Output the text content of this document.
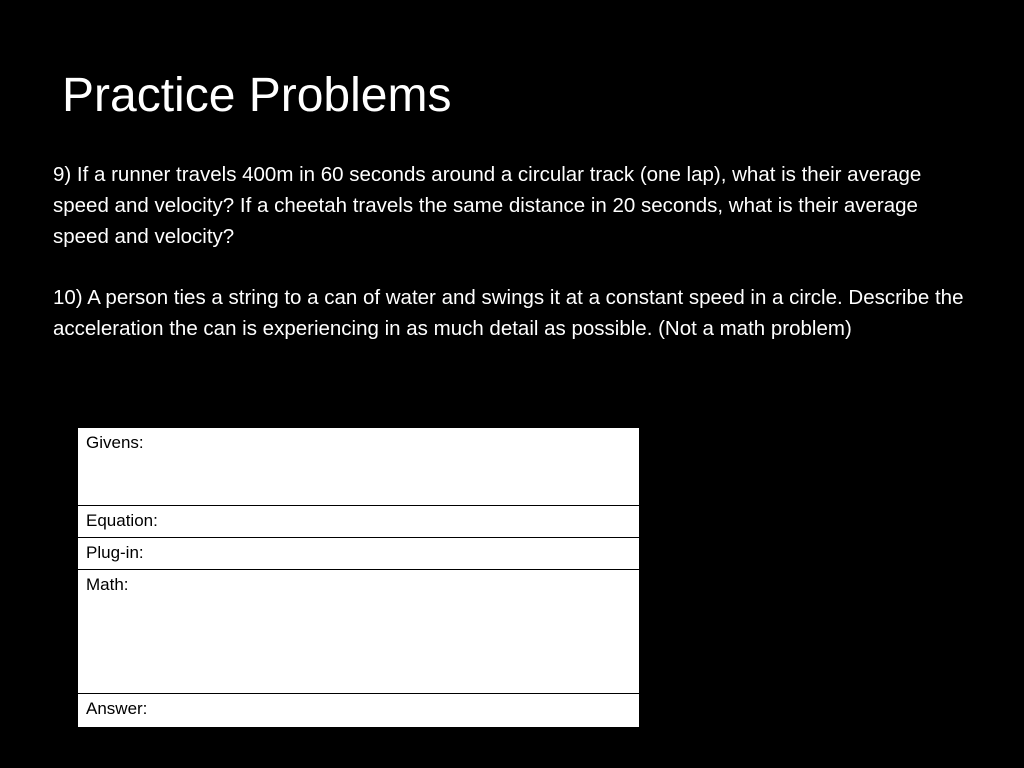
Practice Problems

9) If a runner travels 400m in 60 seconds around a circular track (one lap), what is their average speed and velocity? If a cheetah travels the same distance in 20 seconds, what is their average speed and velocity?

10) A person ties a string to a can of water and swings it at a constant speed in a circle. Describe the acceleration the can is experiencing in as much detail as possible. (Not a math problem)

Givens:
Equation:
Plug-in:
Math:
Answer:
